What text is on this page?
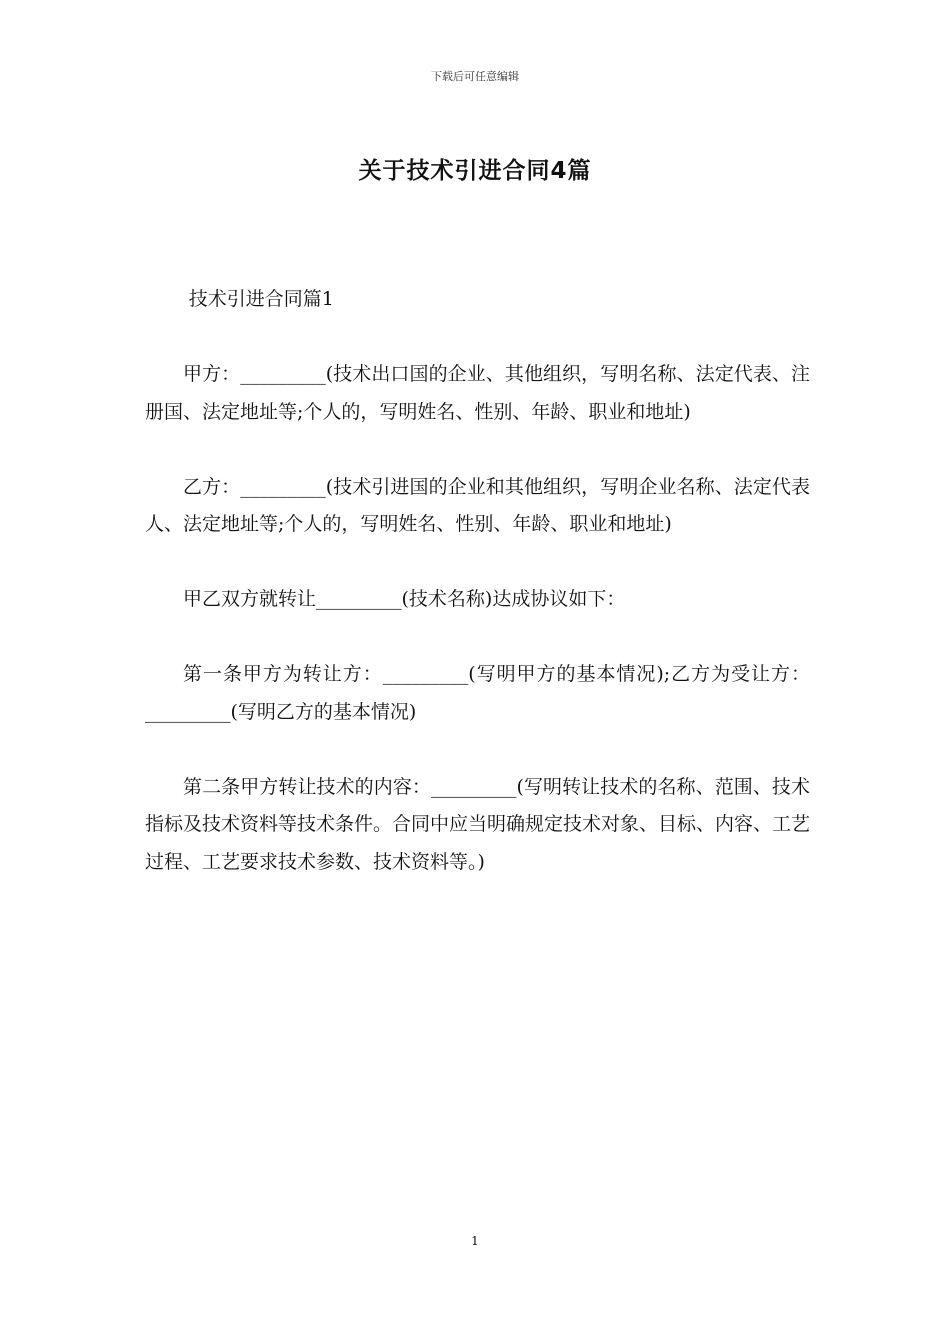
下载后可任意编辑
关于技术引进合同4篇

技术引进合同篇1

甲方：_________(技术出口国的企业、其他组织，写明名称、法定代表、注册国、法定地址等;个人的，写明姓名、性别、年龄、职业和地址)

乙方：_________(技术引进国的企业和其他组织，写明企业名称、法定代表人、法定地址等;个人的，写明姓名、性别、年龄、职业和地址)

甲乙双方就转让_________(技术名称)达成协议如下：

第一条甲方为转让方：_________(写明甲方的基本情况);乙方为受让方：_________(写明乙方的基本情况)

第二条甲方转让技术的内容：_________(写明转让技术的名称、范围、技术指标及技术资料等技术条件。合同中应当明确规定技术对象、目标、内容、工艺过程、工艺要求技术参数、技术资料等。)

1
